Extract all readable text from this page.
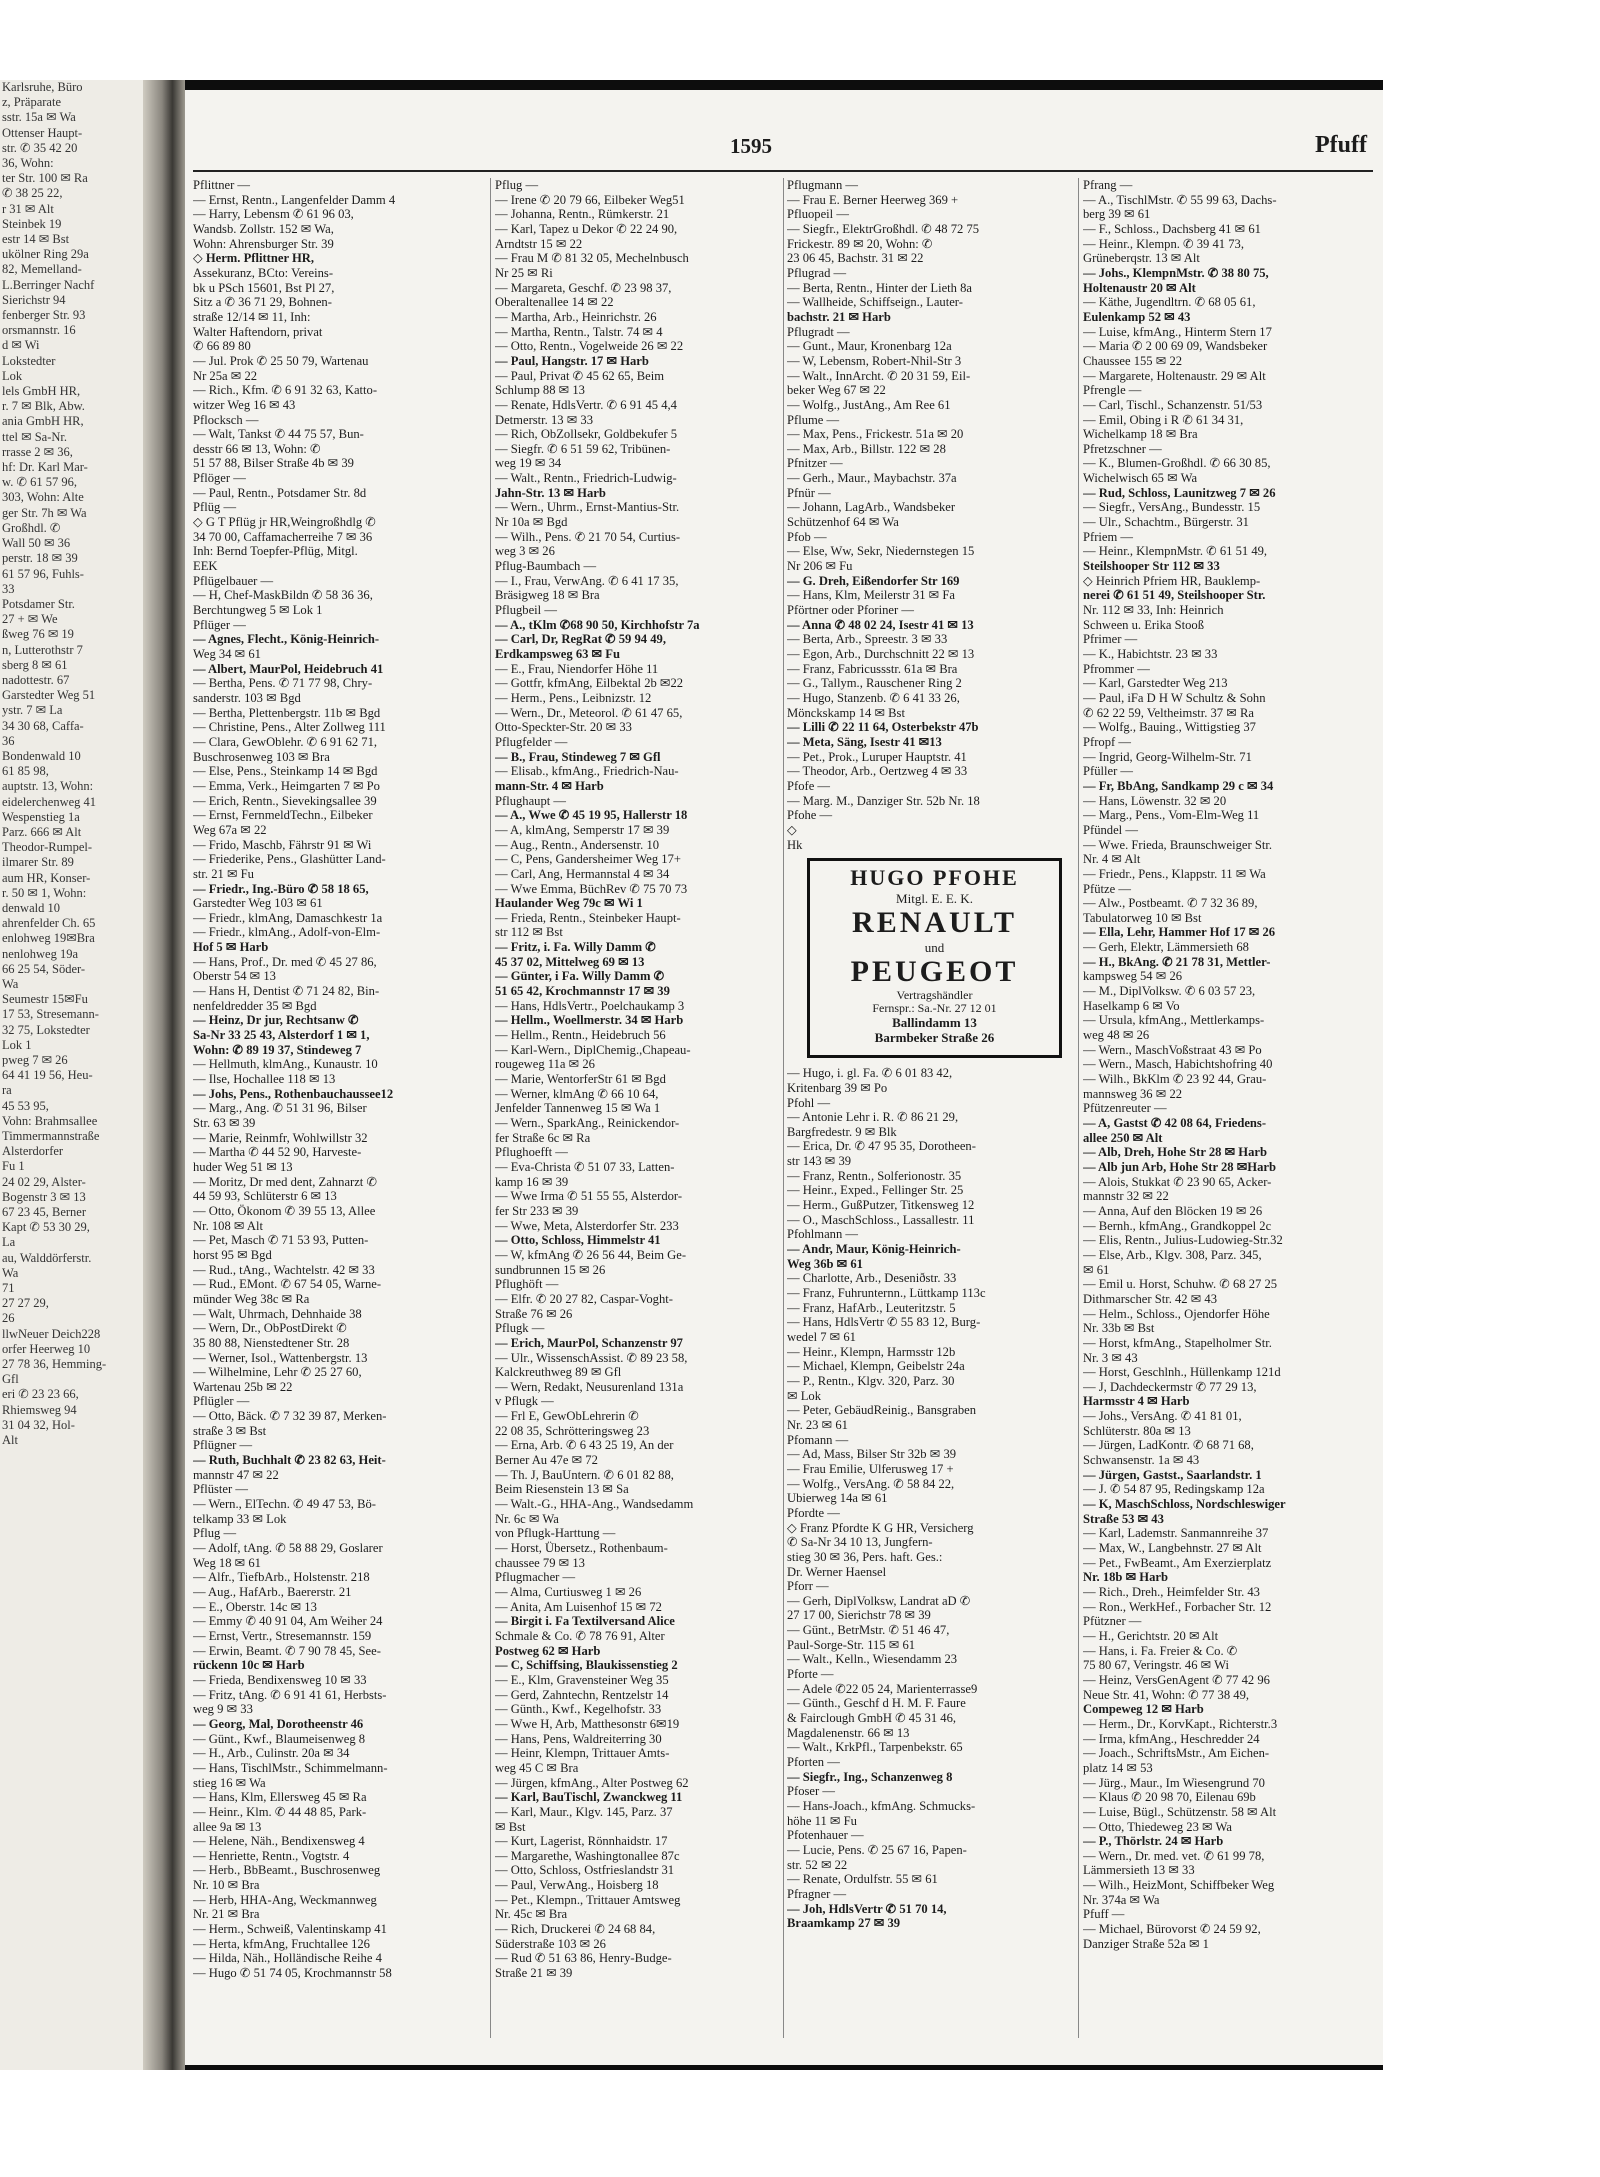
Karlsruhe, Büro
z, Präparate
sstr. 15a ✉ Wa
Ottenser Haupt-
str. ✆ 35 42 20
36, Wohn:
ter Str. 100 ✉ Ra
✆ 38 25 22,
r 31 ✉ Alt
Steinbek 19
estr 14 ✉ Bst
ukölner Ring 29a
82, Memelland-
L.Berringer Nachf
Sierichstr 94
fenberger Str. 93
orsmannstr. 16
d ✉ Wi
Lokstedter
Lok
lels GmbH HR,
r. 7 ✉ Blk, Abw.
ania GmbH HR,
ttel ✉ Sa-Nr.
rrasse 2 ✉ 36,
hf: Dr. Karl Mar-
w. ✆ 61 57 96,
303, Wohn: Alte
ger Str. 7h ✉ Wa
Großhdl. ✆
Wall 50 ✉ 36
perstr. 18 ✉ 39
61 57 96, Fuhls-
33
Potsdamer Str.
27 + ✉ We
ßweg 76 ✉ 19
n, Lutterothstr 7
sberg 8 ✉ 61
nadottestr. 67
Garstedter Weg 51
ystr. 7 ✉ La
34 30 68, Caffa-
36
Bondenwald 10
61 85 98,
auptstr. 13, Wohn:
eidelerchenweg 41
Wespenstieg 1a
Parz. 666 ✉ Alt
Theodor-Rumpel-
ilmarer Str. 89
aum HR, Konser-
r. 50 ✉ 1, Wohn:
denwald 10
ahrenfelder Ch. 65
enlohweg 19✉Bra
nenlohweg 19a
66 25 54, Söder-
Wa
Seumestr 15✉Fu
17 53, Stresemann-
32 75, Lokstedter
Lok 1
pweg 7 ✉ 26
64 41 19 56, Heu-
ra
45 53 95,
Vohn: Brahmsallee
Timmermannstraße
Alsterdorfer
Fu 1
24 02 29, Alster-
Bogenstr 3 ✉ 13
67 23 45, Berner
Kapt ✆ 53 30 29,
La
au, Walddörferstr.
Wa
71
27 27 29,
26
llwNeuer Deich228
orfer Heerweg 10
27 78 36, Hemming-
Gfl
eri ✆ 23 23 66,
Rhiemsweg 94
31 04 32, Hol-
Alt
1595	Pfuff
Pflittner —
— Ernst, Rentn., Langenfelder Damm 4
— Harry, Lebensm ✆ 61 96 03,
Wandsb. Zollstr. 152 ✉ Wa,
Wohn: Ahrensburger Str. 39
◇ Herm. Pflittner HR,
Assekuranz, BCto: Vereins-
bk u PSch 15601, Bst Pl 27,
Sitz a ✆ 36 71 29, Bohnen-
straße 12/14 ✉ 11, Inh:
Walter Haftendorn, privat
✆ 66 89 80
— Jul. Prok ✆ 25 50 79, Wartenau
Nr 25a ✉ 22
— Rich., Kfm. ✆ 6 91 32 63, Katto-
witzer Weg 16 ✉ 43
Pflocksch —
— Walt, Tankst ✆ 44 75 57, Bun-
desstr 66 ✉ 13, Wohn: ✆
51 57 88, Bilser Straße 4b ✉ 39
Pflöger —
— Paul, Rentn., Potsdamer Str. 8d
Pflüg —
◇ G T Pflüg jr HR,Weingroßhdlg ✆
34 70 00, Caffamacherreihe 7 ✉ 36
Inh: Bernd Toepfer-Pflüg, Mitgl.
EEK
Pflügelbauer —
— H, Chef-MaskBildn ✆ 58 36 36,
Berchtungweg 5 ✉ Lok 1
Pflüger —
— Agnes, Flecht., König-Heinrich-
Weg 34 ✉ 61
— Albert, MaurPol, Heidebruch 41
— Bertha, Pens. ✆ 71 77 98, Chry-
sanderstr. 103 ✉ Bgd
— Bertha, Plettenbergstr. 11b ✉ Bgd
— Christine, Pens., Alter Zollweg 111
— Clara, GewOblehr. ✆ 6 91 62 71,
Buschrosenweg 103 ✉ Bra
— Else, Pens., Steinkamp 14 ✉ Bgd
— Emma, Verk., Heimgarten 7 ✉ Po
— Erich, Rentn., Sievekingsallee 39
— Ernst, FernmeldTechn., Eilbeker
Weg 67a ✉ 22
— Frido, Maschb, Fährstr 91 ✉ Wi
— Friederike, Pens., Glashütter Land-
str. 21 ✉ Fu
— Friedr., Ing.-Büro ✆ 58 18 65,
Garstedter Weg 103 ✉ 61
— Friedr., klmAng, Damaschkestr 1a
— Friedr., klmAng., Adolf-von-Elm-
Hof 5 ✉ Harb
— Hans, Prof., Dr. med ✆ 45 27 86,
Oberstr 54 ✉ 13
— Hans H, Dentist ✆ 71 24 82, Bin-
nenfeldredder 35 ✉ Bgd
— Heinz, Dr jur, Rechtsanw ✆
Sa-Nr 33 25 43, Alsterdorf 1 ✉ 1,
Wohn: ✆ 89 19 37, Stindeweg 7
— Hellmuth, klmAng., Kunaustr. 10
— Ilse, Hochallee 118 ✉ 13
— Johs, Pens., Rothenbauchaussee12
— Marg., Ang. ✆ 51 31 96, Bilser
Str. 63 ✉ 39
— Marie, Reinmfr, Wohlwillstr 32
— Martha ✆ 44 52 90, Harveste-
huder Weg 51 ✉ 13
— Moritz, Dr med dent, Zahnarzt ✆
44 59 93, Schlüterstr 6 ✉ 13
— Otto, Ökonom ✆ 39 55 13, Allee
Nr. 108 ✉ Alt
— Pet, Masch ✆ 71 53 93, Putten-
horst 95 ✉ Bgd
— Rud., tAng., Wachtelstr. 42 ✉ 33
— Rud., EMont. ✆ 67 54 05, Warne-
münder Weg 38c ✉ Ra
— Walt, Uhrmach, Dehnhaide 38
— Wern, Dr., ObPostDirekt ✆
35 80 88, Nienstedtener Str. 28
— Werner, Isol., Wattenbergstr. 13
— Wilhelmine, Lehr ✆ 25 27 60,
Wartenau 25b ✉ 22
Pflügler —
— Otto, Bäck. ✆ 7 32 39 87, Merken-
straße 3 ✉ Bst
Pflügner —
— Ruth, Buchhalt ✆ 23 82 63, Heit-
mannstr 47 ✉ 22
Pflüster —
— Wern., ElTechn. ✆ 49 47 53, Bö-
telkamp 33 ✉ Lok
Pflug —
— Adolf, tAng. ✆ 58 88 29, Goslarer
Weg 18 ✉ 61
— Alfr., TiefbArb., Holstenstr. 218
— Aug., HafArb., Baererstr. 21
— E., Oberstr. 14c ✉ 13
— Emmy ✆ 40 91 04, Am Weiher 24
— Ernst, Vertr., Stresemannstr. 159
— Erwin, Beamt. ✆ 7 90 78 45, See-
rückenn 10c ✉ Harb
— Frieda, Bendixensweg 10 ✉ 33
— Fritz, tAng. ✆ 6 91 41 61, Herbsts-
weg 9 ✉ 33
— Georg, Mal, Dorotheenstr 46
— Günt., Kwf., Blaumeisenweg 8
— H., Arb., Culinstr. 20a ✉ 34
— Hans, TischlMstr., Schimmelmann-
stieg 16 ✉ Wa
— Hans, Klm, Ellersweg 45 ✉ Ra
— Heinr., Klm. ✆ 44 48 85, Park-
allee 9a ✉ 13
— Helene, Näh., Bendixensweg 4
— Henriette, Rentn., Vogtstr. 4
— Herb., BbBeamt., Buschrosenweg
Nr. 10 ✉ Bra
— Herb, HHA-Ang, Weckmannweg
Nr. 21 ✉ Bra
— Herm., Schweiß, Valentinskamp 41
— Herta, kfmAng, Fruchtallee 126
— Hilda, Näh., Holländische Reihe 4
— Hugo ✆ 51 74 05, Krochmannstr 58
Pflug —
— Irene ✆ 20 79 66, Eilbeker Weg51
— Johanna, Rentn., Rümkerstr. 21
— Karl, Tapez u Dekor ✆ 22 24 90,
Arndtstr 15 ✉ 22
— Frau M ✆ 81 32 05, Mechelnbusch
Nr 25 ✉ Ri
— Margareta, Geschf. ✆ 23 98 37,
Oberaltenallee 14 ✉ 22
— Martha, Arb., Heinrichstr. 26
— Martha, Rentn., Talstr. 74 ✉ 4
— Otto, Rentn., Vogelweide 26 ✉ 22
— Paul, Hangstr. 17 ✉ Harb
— Paul, Privat ✆ 45 62 65, Beim
Schlump 88 ✉ 13
— Renate, HdlsVertr. ✆ 6 91 45 4,4
Detmerstr. 13 ✉ 33
— Rich, ObZollsekr, Goldbekufer 5
— Siegfr. ✆ 6 51 59 62, Tribünen-
weg 19 ✉ 34
— Walt., Rentn., Friedrich-Ludwig-
Jahn-Str. 13 ✉ Harb
— Wern., Uhrm., Ernst-Mantius-Str.
Nr 10a ✉ Bgd
— Wilh., Pens. ✆ 21 70 54, Curtius-
weg 3 ✉ 26
Pflug-Baumbach —
— I., Frau, VerwAng. ✆ 6 41 17 35,
Bräsigweg 18 ✉ Bra
Pflugbeil —
— A., tKlm ✆68 90 50, Kirchhofstr 7a
— Carl, Dr, RegRat ✆ 59 94 49,
Erdkampsweg 63 ✉ Fu
— E., Frau, Niendorfer Höhe 11
— Gottfr, kfmAng, Eilbektal 2b ✉22
— Herm., Pens., Leibnizstr. 12
— Wern., Dr., Meteorol. ✆ 61 47 65,
Otto-Speckter-Str. 20 ✉ 33
Pflugfelder —
— B., Frau, Stindeweg 7 ✉ Gfl
— Elisab., kfmAng., Friedrich-Nau-
mann-Str. 4 ✉ Harb
Pflughaupt —
— A., Wwe ✆ 45 19 95, Hallerstr 18
— A, klmAng, Semperstr 17 ✉ 39
— Aug., Rentn., Andersenstr. 10
— C, Pens, Gandersheimer Weg 17+
— Carl, Ang, Hermannstal 4 ✉ 34
— Wwe Emma, BüchRev ✆ 75 70 73
Haulander Weg 79c ✉ Wi 1
— Frieda, Rentn., Steinbeker Haupt-
str 112 ✉ Bst
— Fritz, i. Fa. Willy Damm ✆
45 37 02, Mittelweg 69 ✉ 13
— Günter, i Fa. Willy Damm ✆
51 65 42, Krochmannstr 17 ✉ 39
— Hans, HdlsVertr., Poelchaukamp 3
— Hellm., Woellmerstr. 34 ✉ Harb
— Hellm., Rentn., Heidebruch 56
— Karl-Wern., DiplChemig.,Chapeau-
rougeweg 11a ✉ 26
— Marie, WentorferStr 61 ✉ Bgd
— Werner, klmAng ✆ 66 10 64,
Jenfelder Tannenweg 15 ✉ Wa 1
— Wern., SparkAng., Reinickendor-
fer Straße 6c ✉ Ra
Pflughoefft —
— Eva-Christa ✆ 51 07 33, Latten-
kamp 16 ✉ 39
— Wwe Irma ✆ 51 55 55, Alsterdor-
fer Str 233 ✉ 39
— Wwe, Meta, Alsterdorfer Str. 233
— Otto, Schloss, Himmelstr 41
— W, kfmAng ✆ 26 56 44, Beim Ge-
sundbrunnen 15 ✉ 26
Pflughöft —
— Elfr. ✆ 20 27 82, Caspar-Voght-
Straße 76 ✉ 26
Pflugk —
— Erich, MaurPol, Schanzenstr 97
— Ulr., WissenschAssist. ✆ 89 23 58,
Kalckreuthweg 89 ✉ Gfl
— Wern, Redakt, Neusurenland 131a
v Pflugk —
— Frl E, GewObLehrerin ✆
22 08 35, Schrötteringsweg 23
— Erna, Arb. ✆ 6 43 25 19, An der
Berner Au 47e ✉ 72
— Th. J, BauUntern. ✆ 6 01 82 88,
Beim Riesenstein 13 ✉ Sa
— Walt.-G., HHA-Ang., Wandsedamm
Nr. 6c ✉ Wa
von Pflugk-Harttung —
— Horst, Übersetz., Rothenbaum-
chaussee 79 ✉ 13
Pflugmacher —
— Alma, Curtiusweg 1 ✉ 26
— Anita, Am Luisenhof 15 ✉ 72
— Birgit i. Fa Textilversand Alice
Schmale & Co. ✆ 78 76 91, Alter
Postweg 62 ✉ Harb
— C, Schiffsing, Blaukissenstieg 2
— E., Klm, Gravensteiner Weg 35
— Gerd, Zahntechn, Rentzelstr 14
— Günth., Kwf., Kegelhofstr. 33
— Wwe H, Arb, Matthesonstr 6✉19
— Hans, Pens, Waldreiterring 30
— Heinr, Klempn, Trittauer Amts-
weg 45 C ✉ Bra
— Jürgen, kfmAng., Alter Postweg 62
— Karl, BauTischl, Zwanckweg 11
— Karl, Maur., Klgv. 145, Parz. 37
✉ Bst
— Kurt, Lagerist, Rönnhaidstr. 17
— Margarethe, Washingtonallee 87c
— Otto, Schloss, Ostfrieslandstr 31
— Paul, VerwAng., Hoisberg 18
— Pet., Klempn., Trittauer Amtsweg
Nr. 45c ✉ Bra
— Rich, Druckerei ✆ 24 68 84,
Süderstraße 103 ✉ 26
— Rud ✆ 51 63 86, Henry-Budge-
Straße 21 ✉ 39
Pflugmann —
— Frau E. Berner Heerweg 369 +
Pfluopeil —
— Siegfr., ElektrGroßhdl. ✆ 48 72 75
Frickestr. 89 ✉ 20, Wohn: ✆
23 06 45, Bachstr. 31 ✉ 22
Pflugrad —
— Berta, Rentn., Hinter der Lieth 8a
— Wallheide, Schiffseign., Lauter-
bachstr. 21 ✉ Harb
Pflugradt —
— Gunt., Maur, Kronenbarg 12a
— W, Lebensm, Robert-Nhil-Str 3
— Walt., InnArcht. ✆ 20 31 59, Eil-
beker Weg 67 ✉ 22
— Wolfg., JustAng., Am Ree 61
Pflume —
— Max, Pens., Frickestr. 51a ✉ 20
— Max, Arb., Billstr. 122 ✉ 28
Pfnitzer —
— Gerh., Maur., Maybachstr. 37a
Pfnür —
— Johann, LagArb., Wandsbeker
Schützenhof 64 ✉ Wa
Pfob —
— Else, Ww, Sekr, Niedernstegen 15
Nr 206 ✉ Fu
— G. Dreh, Eißendorfer Str 169
— Hans, Klm, Meilerstr 31 ✉ Fa
Pförtner oder Pforiner —
— Anna ✆ 48 02 24, Isestr 41 ✉ 13
— Berta, Arb., Spreestr. 3 ✉ 33
— Egon, Arb., Durchschnitt 22 ✉ 13
— Franz, Fabricussstr. 61a ✉ Bra
— G., Tallym., Rauschener Ring 2
— Hugo, Stanzenb. ✆ 6 41 33 26,
Mönckskamp 14 ✉ Bst
— Lilli ✆ 22 11 64, Osterbekstr 47b
— Meta, Säng, Isestr 41 ✉13
— Pet., Prok., Luruper Hauptstr. 41
— Theodor, Arb., Oertzweg 4 ✉ 33
Pfofe —
— Marg. M., Danziger Str. 52b Nr. 18
Pfohe —
◇
Hk
HUGO PFOHE
Mitgl. E. E. K.
RENAULT
und
PEUGEOT
Vertragshändler
Fernspr.: Sa.-Nr. 27 12 01
Ballindamm 13
Barmbeker Straße 26
— Hugo, i. gl. Fa. ✆ 6 01 83 42,
Kritenbarg 39 ✉ Po
Pfohl —
— Antonie Lehr i. R. ✆ 86 21 29,
Bargfredestr. 9 ✉ Blk
— Erica, Dr. ✆ 47 95 35, Dorotheen-
str 143 ✉ 39
— Franz, Rentn., Solferionostr. 35
— Heinr., Exped., Fellinger Str. 25
— Herm., GußPutzer, Titkensweg 12
— O., MaschSchloss., Lassallestr. 11
Pfohlmann —
— Andr, Maur, König-Heinrich-
Weg 36b ✉ 61
— Charlotte, Arb., Deseniðstr. 33
— Franz, Fuhrunternn., Lüttkamp 113c
— Franz, HafArb., Leuteritzstr. 5
— Hans, HdlsVertr ✆ 55 83 12, Burg-
wedel 7 ✉ 61
— Heinr., Klempn, Harmsstr 12b
— Michael, Klempn, Geibelstr 24a
— P., Rentn., Klgv. 320, Parz. 30
✉ Lok
— Peter, GebäudReinig., Bansgraben
Nr. 23 ✉ 61
Pfomann —
— Ad, Mass, Bilser Str 32b ✉ 39
— Frau Emilie, Ulferusweg 17 +
— Wolfg., VersAng. ✆ 58 84 22,
Ubierweg 14a ✉ 61
Pfordte —
◇ Franz Pfordte K G HR, Versicherg
✆ Sa-Nr 34 10 13, Jungfern-
stieg 30 ✉ 36, Pers. haft. Ges.:
Dr. Werner Haensel
Pforr —
— Gerh, DiplVolksw, Landrat aD ✆
27 17 00, Sierichstr 78 ✉ 39
— Günt., BetrMstr. ✆ 51 46 47,
Paul-Sorge-Str. 115 ✉ 61
— Walt., Kelln., Wiesendamm 23
Pforte —
— Adele ✆22 05 24, Marienterrasse9
— Günth., Geschf d H. M. F. Faure
& Fairclough GmbH ✆ 45 31 46,
Magdalenenstr. 66 ✉ 13
— Walt., KrkPfl., Tarpenbekstr. 65
Pforten —
— Siegfr., Ing., Schanzenweg 8
Pfoser —
— Hans-Joach., kfmAng. Schmucks-
höhe 11 ✉ Fu
Pfotenhauer —
— Lucie, Pens. ✆ 25 67 16, Papen-
str. 52 ✉ 22
— Renate, Ordulfstr. 55 ✉ 61
Pfragner —
— Joh, HdlsVertr ✆ 51 70 14,
Braamkamp 27 ✉ 39
Pfrang —
— A., TischlMstr. ✆ 55 99 63, Dachs-
berg 39 ✉ 61
— F., Schloss., Dachsberg 41 ✉ 61
— Heinr., Klempn. ✆ 39 41 73,
Grüneberqstr. 13 ✉ Alt
— Johs., KlempnMstr. ✆ 38 80 75,
Holtenaustr 20 ✉ Alt
— Käthe, Jugendltrn. ✆ 68 05 61,
Eulenkamp 52 ✉ 43
— Luise, kfmAng., Hinterm Stern 17
— Maria ✆ 2 00 69 09, Wandsbeker
Chaussee 155 ✉ 22
— Margarete, Holtenaustr. 29 ✉ Alt
Pfrengle —
— Carl, Tischl., Schanzenstr. 51/53
— Emil, Obing i R ✆ 61 34 31,
Wichelkamp 18 ✉ Bra
Pfretzschner —
— K., Blumen-Großhdl. ✆ 66 30 85,
Wichelwisch 65 ✉ Wa
— Rud, Schloss, Launitzweg 7 ✉ 26
— Siegfr., VersAng., Bundesstr. 15
— Ulr., Schachtm., Bürgerstr. 31
Pfriem —
— Heinr., KlempnMstr. ✆ 61 51 49,
Steilshooper Str 112 ✉ 33
◇ Heinrich Pfriem HR, Bauklemp-
nerei ✆ 61 51 49, Steilshooper Str.
Nr. 112 ✉ 33, Inh: Heinrich
Schween u. Erika Stooß
Pfrimer —
— K., Habichtstr. 23 ✉ 33
Pfrommer —
— Karl, Garstedter Weg 213
— Paul, iFa D H W Schultz & Sohn
✆ 62 22 59, Veltheimstr. 37 ✉ Ra
— Wolfg., Bauing., Wittigstieg 37
Pfropf —
— Ingrid, Georg-Wilhelm-Str. 71
Pfüller —
— Fr, BbAng, Sandkamp 29 c ✉ 34
— Hans, Löwenstr. 32 ✉ 20
— Marg., Pens., Vom-Elm-Weg 11
Pfündel —
— Wwe. Frieda, Braunschweiger Str.
Nr. 4 ✉ Alt
— Friedr., Pens., Klappstr. 11 ✉ Wa
Pfütze —
— Alw., Postbeamt. ✆ 7 32 36 89,
Tabulatorweg 10 ✉ Bst
— Ella, Lehr, Hammer Hof 17 ✉ 26
— Gerh, Elektr, Lämmersieth 68
— H., BkAng. ✆ 21 78 31, Mettler-
kampsweg 54 ✉ 26
— M., DiplVolksw. ✆ 6 03 57 23,
Haselkamp 6 ✉ Vo
— Ursula, kfmAng., Mettlerkamps-
weg 48 ✉ 26
— Wern., MaschVoßstraat 43 ✉ Po
— Wern., Masch, Habichtshofring 40
— Wilh., BkKlm ✆ 23 92 44, Grau-
mannsweg 36 ✉ 22
Pfützenreuter —
— A, Gastst ✆ 42 08 64, Friedens-
allee 250 ✉ Alt
— Alb, Dreh, Hohe Str 28 ✉ Harb
— Alb jun Arb, Hohe Str 28 ✉Harb
— Alois, Stukkat ✆ 23 90 65, Acker-
mannstr 32 ✉ 22
— Anna, Auf den Blöcken 19 ✉ 26
— Bernh., kfmAng., Grandkoppel 2c
— Elis, Rentn., Julius-Ludowieg-Str.32
— Else, Arb., Klgv. 308, Parz. 345,
✉ 61
— Emil u. Horst, Schuhw. ✆ 68 27 25
Dithmarscher Str. 42 ✉ 43
— Helm., Schloss., Ojendorfer Höhe
Nr. 33b ✉ Bst
— Horst, kfmAng., Stapelholmer Str.
Nr. 3 ✉ 43
— Horst, Geschlnh., Hüllenkamp 121d
— J, Dachdeckermstr ✆ 77 29 13,
Harmsstr 4 ✉ Harb
— Johs., VersAng. ✆ 41 81 01,
Schlüterstr. 80a ✉ 13
— Jürgen, LadKontr. ✆ 68 71 68,
Schwansenstr. 1a ✉ 43
— Jürgen, Gastst., Saarlandstr. 1
— J. ✆ 54 87 95, Redingskamp 12a
— K, MaschSchloss, Nordschleswiger
Straße 53 ✉ 43
— Karl, Lademstr. Sanmannreihe 37
— Max, W., Langbehnstr. 27 ✉ Alt
— Pet., FwBeamt., Am Exerzierplatz
Nr. 18b ✉ Harb
— Rich., Dreh., Heimfelder Str. 43
— Ron., WerkHef., Forbacher Str. 12
Pfützner —
— H., Gerichtstr. 20 ✉ Alt
— Hans, i. Fa. Freier & Co. ✆
75 80 67, Veringstr. 46 ✉ Wi
— Heinz, VersGenAgent ✆ 77 42 96
Neue Str. 41, Wohn: ✆ 77 38 49,
Compeweg 12 ✉ Harb
— Herm., Dr., KorvKapt., Richterstr.3
— Irma, kfmAng., Heschredder 24
— Joach., SchriftsMstr., Am Eichen-
platz 14 ✉ 53
— Jürg., Maur., Im Wiesengrund 70
— Klaus ✆ 20 98 70, Eilenau 69b
— Luise, Bügl., Schützenstr. 58 ✉ Alt
— Otto, Thiedeweg 23 ✉ Wa
— P., Thörlstr. 24 ✉ Harb
— Wern., Dr. med. vet. ✆ 61 99 78,
Lämmersieth 13 ✉ 33
— Wilh., HeizMont, Schiffbeker Weg
Nr. 374a ✉ Wa
Pfuff —
— Michael, Bürovorst ✆ 24 59 92,
Danziger Straße 52a ✉ 1
